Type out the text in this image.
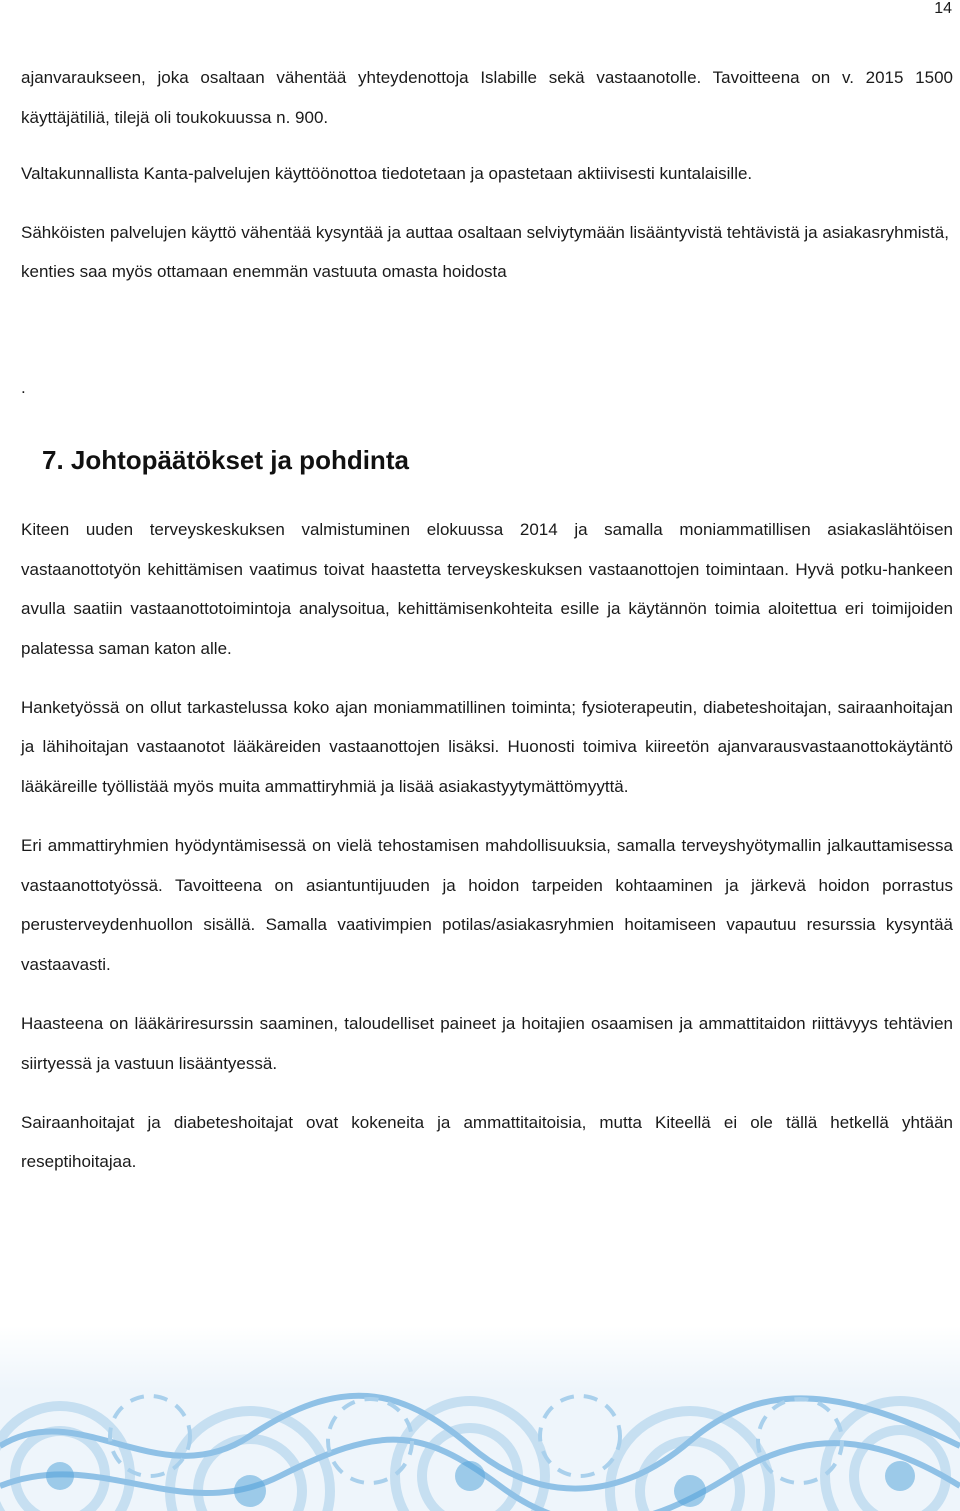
14

ajanvaraukseen, joka osaltaan vähentää yhteydenottoja Islabille sekä vastaanotolle. Tavoitteena on v. 2015 1500 käyttäjätiliä, tilejä oli toukokuussa n. 900.

Valtakunnallista Kanta-palvelujen käyttöönottoa tiedotetaan ja opastetaan aktiivisesti kuntalaisille.

Sähköisten palvelujen käyttö vähentää kysyntää ja auttaa osaltaan selviytymään lisääntyvistä tehtävistä ja asiakasryhmistä, kenties saa myös ottamaan enemmän vastuuta omasta hoidosta

.
7. Johtopäätökset ja pohdinta

Kiteen uuden terveyskeskuksen valmistuminen elokuussa 2014 ja samalla moniammatillisen asiakaslähtöisen vastaanottotyön kehittämisen vaatimus toivat haastetta terveyskeskuksen vastaanottojen toimintaan. Hyvä potku-hankeen avulla saatiin vastaanottotoimintoja analysoitua, kehittämisenkohteita esille ja käytännön toimia aloitettua eri toimijoiden palatessa saman katon alle.

Hanketyössä on ollut tarkastelussa koko ajan moniammatillinen toiminta; fysioterapeutin, diabeteshoitajan, sairaanhoitajan ja lähihoitajan vastaanotot lääkäreiden vastaanottojen lisäksi. Huonosti toimiva kiireetön ajanvarausvastaanottokäytäntö lääkäreille työllistää myös muita ammattiryhmiä ja lisää asiakastyytymättömyyttä.

Eri ammattiryhmien hyödyntämisessä on vielä tehostamisen mahdollisuuksia, samalla terveyshyötymallin jalkauttamisessa vastaanottotyössä. Tavoitteena on asiantuntijuuden ja hoidon tarpeiden kohtaaminen ja järkevä hoidon porrastus perusterveydenhuollon sisällä. Samalla vaativimpien potilas/asiakasryhmien hoitamiseen vapautuu resurssia kysyntää vastaavasti.

Haasteena on lääkäriresurssin saaminen, taloudelliset paineet ja hoitajien osaamisen ja ammattitaidon riittävyys tehtävien siirtyessä ja vastuun lisääntyessä.

Sairaanhoitajat ja diabeteshoitajat ovat kokeneita ja ammattitaitoisia, mutta Kiteellä ei ole tällä hetkellä yhtään reseptihoitajaa.
